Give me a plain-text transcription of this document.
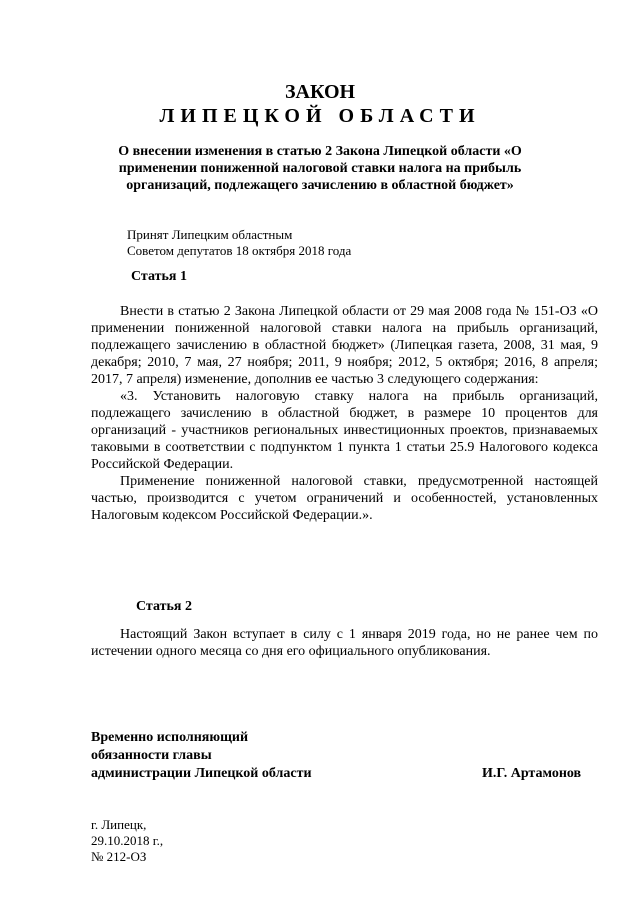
ЗАКОН
ЛИПЕЦКОЙ ОБЛАСТИ
О внесении изменения в статью 2 Закона Липецкой области «О применении пониженной налоговой ставки налога на прибыль организаций, подлежащего зачислению в областной бюджет»
Принят Липецким областным
Советом депутатов 18 октября 2018 года
Статья 1

Внести в статью 2 Закона Липецкой области от 29 мая 2008 года № 151-ОЗ «О применении пониженной налоговой ставки налога на прибыль организаций, подлежащего зачислению в областной бюджет» (Липецкая газета, 2008, 31 мая, 9 декабря; 2010, 7 мая, 27 ноября; 2011, 9 ноября; 2012, 5 октября; 2016, 8 апреля; 2017, 7 апреля) изменение, дополнив ее частью 3 следующего содержания:

«3. Установить налоговую ставку налога на прибыль организаций, подлежащего зачислению в областной бюджет, в размере 10 процентов для организаций - участников региональных инвестиционных проектов, признаваемых таковыми в соответствии с подпунктом 1 пункта 1 статьи 25.9 Налогового кодекса Российской Федерации.

Применение пониженной налоговой ставки, предусмотренной настоящей частью, производится с учетом ограничений и особенностей, установленных Налоговым кодексом Российской Федерации.».

Статья 2

Настоящий Закон вступает в силу с 1 января 2019 года, но не ранее чем по истечении одного месяца со дня его официального опубликования.

Временно исполняющий
обязанности главы
администрации Липецкой области	И.Г. Артамонов
г. Липецк,
29.10.2018 г.,
№ 212-ОЗ
